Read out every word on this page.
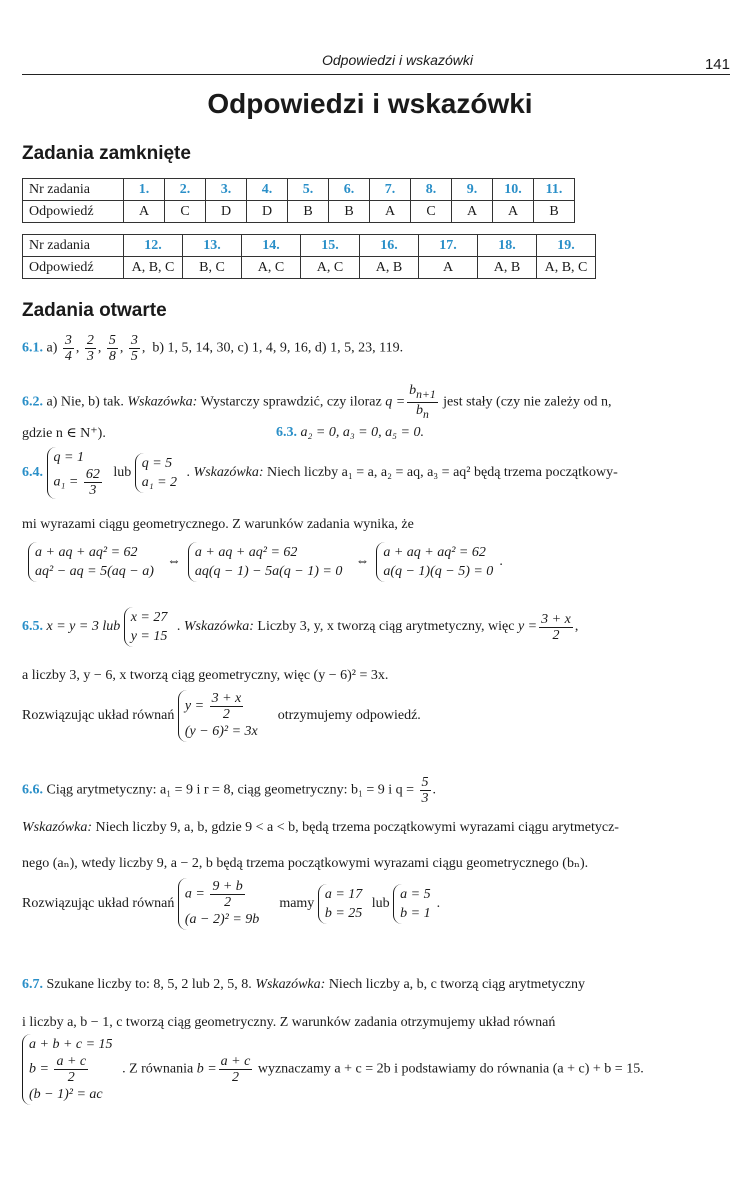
Odpowiedzi i wskazówki	141
Odpowiedzi i wskazówki
Zadania zamknięte
Nr zadania	1.	2.	3.	4.	5.	6.	7.	8.	9.	10.	11.
Odpowiedź	A	C	D	D	B	B	A	C	A	A	B
Nr zadania	12.	13.	14.	15.	16.	17.	18.	19.
Odpowiedź	A, B, C	B, C	A, C	A, C	A, B	A	A, B	A, B, C
Zadania otwarte
6.1. $a) \frac{3}{4}$ , $\frac{2}{3}$ , $\frac{5}{8}$ , $\frac{3}{5}$ ,  b) 1, 5, 14, 30, c) 1, 4, 9, 16, d) 1, 5, 23, 119.
6.2. a) Nie, b) tak. Wskazówka: Wystarczy sprawdzić, czy iloraz $q = \frac{b_{n+1}}{b_n}$ jest stały (czy nie zależy od n,
gdzie n ∈ N⁺).	6.3. a₂ = 0, a₃ = 0, a₅ = 0.
6.4.
q = 1
$a_1 = \frac{62}{3}$ lub
q = 5
a₁ = 2
. Wskazówka: Niech liczby a₁ = a, a₂ = aq, a₃ = aq² będą trzema początkowy-
mi wyrazami ciągu geometrycznego. Z warunków zadania wynika, że
a + aq + aq² = 62
aq² − aq = 5(aq − a)
⇔
a + aq + aq² = 62
aq(q − 1) − 5a(q − 1) = 0
⇔
a + aq + aq² = 62
a(q − 1)(q − 5) = 0
.
6.5. x = y = 3 lub
x = 27
y = 15
. Wskazówka: Liczby 3, y, x tworzą ciąg arytmetyczny, więc $y = \frac{3 + x}{2}$ ,
a liczby 3, y − 6, x tworzą ciąg geometryczny, więc (y − 6)² = 3x.
Rozwiązując układ równań
$y = \frac{3 + x}{2}$
(y − 6)² = 3x
otrzymujemy odpowiedź.
6.6. Ciąg arytmetyczny: a₁ = 9 i r = 8, ciąg geometryczny: b₁ = 9 i $q = \frac{5}{3}$ .
Wskazówka: Niech liczby 9, a, b, gdzie 9 < a < b, będą trzema początkowymi wyrazami ciągu arytmetycz-
nego (aₙ), wtedy liczby 9, a − 2, b będą trzema początkowymi wyrazami ciągu geometrycznego (bₙ).
Rozwiązując układ równań
$a = \frac{9 + b}{2}$
(a − 2)² = 9b
mamy
a = 17
b = 25
lub
a = 5
b = 1
.
6.7. Szukane liczby to: 8, 5, 2 lub 2, 5, 8. Wskazówka: Niech liczby a, b, c tworzą ciąg arytmetyczny
i liczby a, b − 1, c tworzą ciąg geometryczny. Z warunków zadania otrzymujemy układ równań
a + b + c = 15
$b = \frac{a + c}{2}$
(b − 1)² = ac
. Z równania $b = \frac{a + c}{2}$ wyznaczamy a + c = 2b i podstawiamy do równania (a + c) + b = 15.
